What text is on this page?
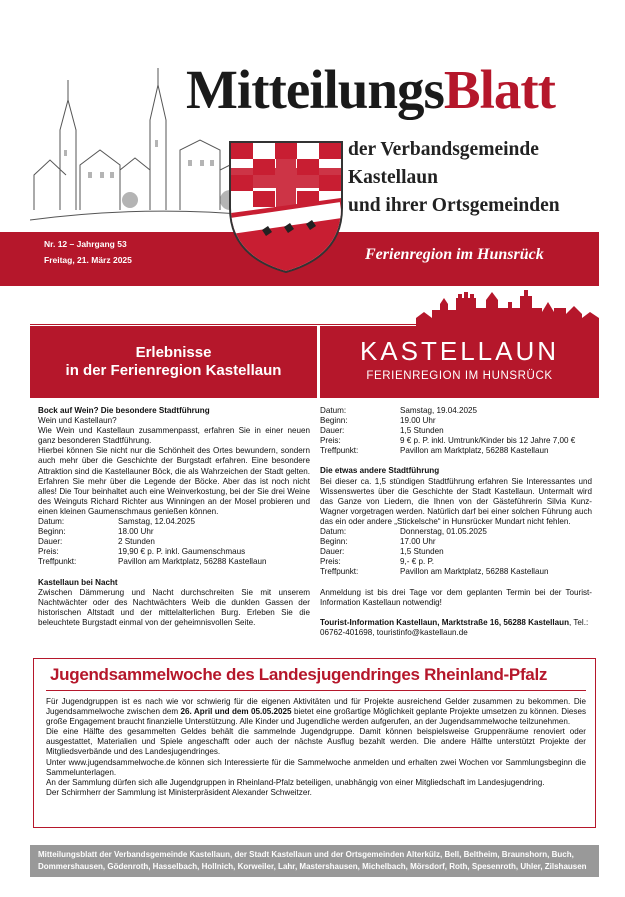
MitteilungsBlatt
der Verbandsgemeinde
Kastellaun
und ihrer Ortsgemeinden
Nr. 12 – Jahrgang 53
Freitag, 21. März 2025	Ferienregion im Hunsrück
Erlebnisse
in der Ferienregion Kastellaun
KASTELLAUN
FERIENREGION IM HUNSRÜCK

Bock auf Wein? Die besondere Stadtführung

Wein und Kastellaun?

Wie Wein und Kastellaun zusammenpasst, erfahren Sie in einer neuen ganz besonderen Stadtführung.

Hierbei können Sie nicht nur die Schönheit des Ortes bewundern, sondern auch mehr über die Geschichte der Burgstadt erfahren. Eine besondere Attraktion sind die Kastellauner Böck, die als Wahrzeichen der Stadt gelten. Erfahren Sie mehr über die Legende der Böcke. Aber das ist noch nicht alles! Die Tour beinhaltet auch eine Weinverkostung, bei der Sie drei Weine des Weinguts Richard Richter aus Winningen an der Mosel probieren und einen kleinen Gaumenschmaus genießen können.

Datum:	Samstag, 12.04.2025
Beginn:	18.00 Uhr
Dauer:	2 Stunden
Preis:	19,90 € p. P. inkl. Gaumenschmaus
Treffpunkt:	Pavillon am Marktplatz, 56288 Kastellaun

Kastellaun bei Nacht

Zwischen Dämmerung und Nacht durchschreiten Sie mit unserem Nachtwächter oder des Nachtwächters Weib die dunklen Gassen der historischen Altstadt und der mittelalterlichen Burg. Erleben Sie die beleuchtete Burgstadt einmal von der geheimnisvollen Seite.

Datum:	Samstag, 19.04.2025
Beginn:	19.00 Uhr
Dauer:	1,5 Stunden
Preis:	9 € p. P. inkl. Umtrunk/Kinder bis 12 Jahre 7,00 €
Treffpunkt:	Pavillon am Marktplatz, 56288 Kastellaun

Die etwas andere Stadtführung

Bei dieser ca. 1,5 stündigen Stadtführung erfahren Sie Interessantes und Wissenswertes über die Geschichte der Stadt Kastellaun. Untermalt wird das Ganze von Liedern, die Ihnen von der Gästeführerin Silvia Kunz-Wagner vorgetragen werden. Natürlich darf bei einer solchen Führung auch das ein oder andere „Stickelsche“ in Hunsrücker Mundart nicht fehlen.

Datum:	Donnerstag, 01.05.2025
Beginn:	17.00 Uhr
Dauer:	1,5 Stunden
Preis:	9,- € p. P.
Treffpunkt:	Pavillon am Marktplatz, 56288 Kastellaun

Anmeldung ist bis drei Tage vor dem geplanten Termin bei der Tourist-Information Kastellaun notwendig!

Tourist-Information Kastellaun, Marktstraße 16, 56288 Kastellaun, Tel.: 06762-401698, touristinfo@kastellaun.de

Jugendsammelwoche des Landesjugendringes Rheinland-Pfalz

Für Jugendgruppen ist es nach wie vor schwierig für die eigenen Aktivitäten und für Projekte ausreichend Gelder zusammen zu bekommen. Die Jugendsammelwoche zwischen dem 26. April und dem 05.05.2025 bietet eine großartige Möglichkeit geplante Projekte umsetzen zu können. Dieses große Engagement braucht finanzielle Unterstützung. Alle Kinder und Jugendliche werden aufgerufen, an der Jugendsammelwoche teilzunehmen.

Die eine Hälfte des gesammelten Geldes behält die sammelnde Jugendgruppe. Damit können beispielsweise Gruppenräume renoviert oder ausgestattet, Materialien und Spiele angeschafft oder auch der nächste Ausflug bezahlt werden. Die andere Hälfte unterstützt Projekte der Mitgliedsverbände und des Landesjugendringes.

Unter www.jugendsammelwoche.de können sich Interessierte für die Sammelwoche anmelden und erhalten zwei Wochen vor Sammlungsbeginn die Sammelunterlagen.

An der Sammlung dürfen sich alle Jugendgruppen in Rheinland-Pfalz beteiligen, unabhängig von einer Mitgliedschaft im Landesjugendring.

Der Schirmherr der Sammlung ist Ministerpräsident Alexander Schweitzer.

Mitteilungsblatt der Verbandsgemeinde Kastellaun, der Stadt Kastellaun und der Ortsgemeinden Alterkülz, Bell, Beltheim, Braunshorn, Buch, Dommershausen, Gödenroth, Hasselbach, Hollnich, Korweiler, Lahr, Mastershausen, Michelbach, Mörsdorf, Roth, Spesenroth, Uhler, Zilshausen
